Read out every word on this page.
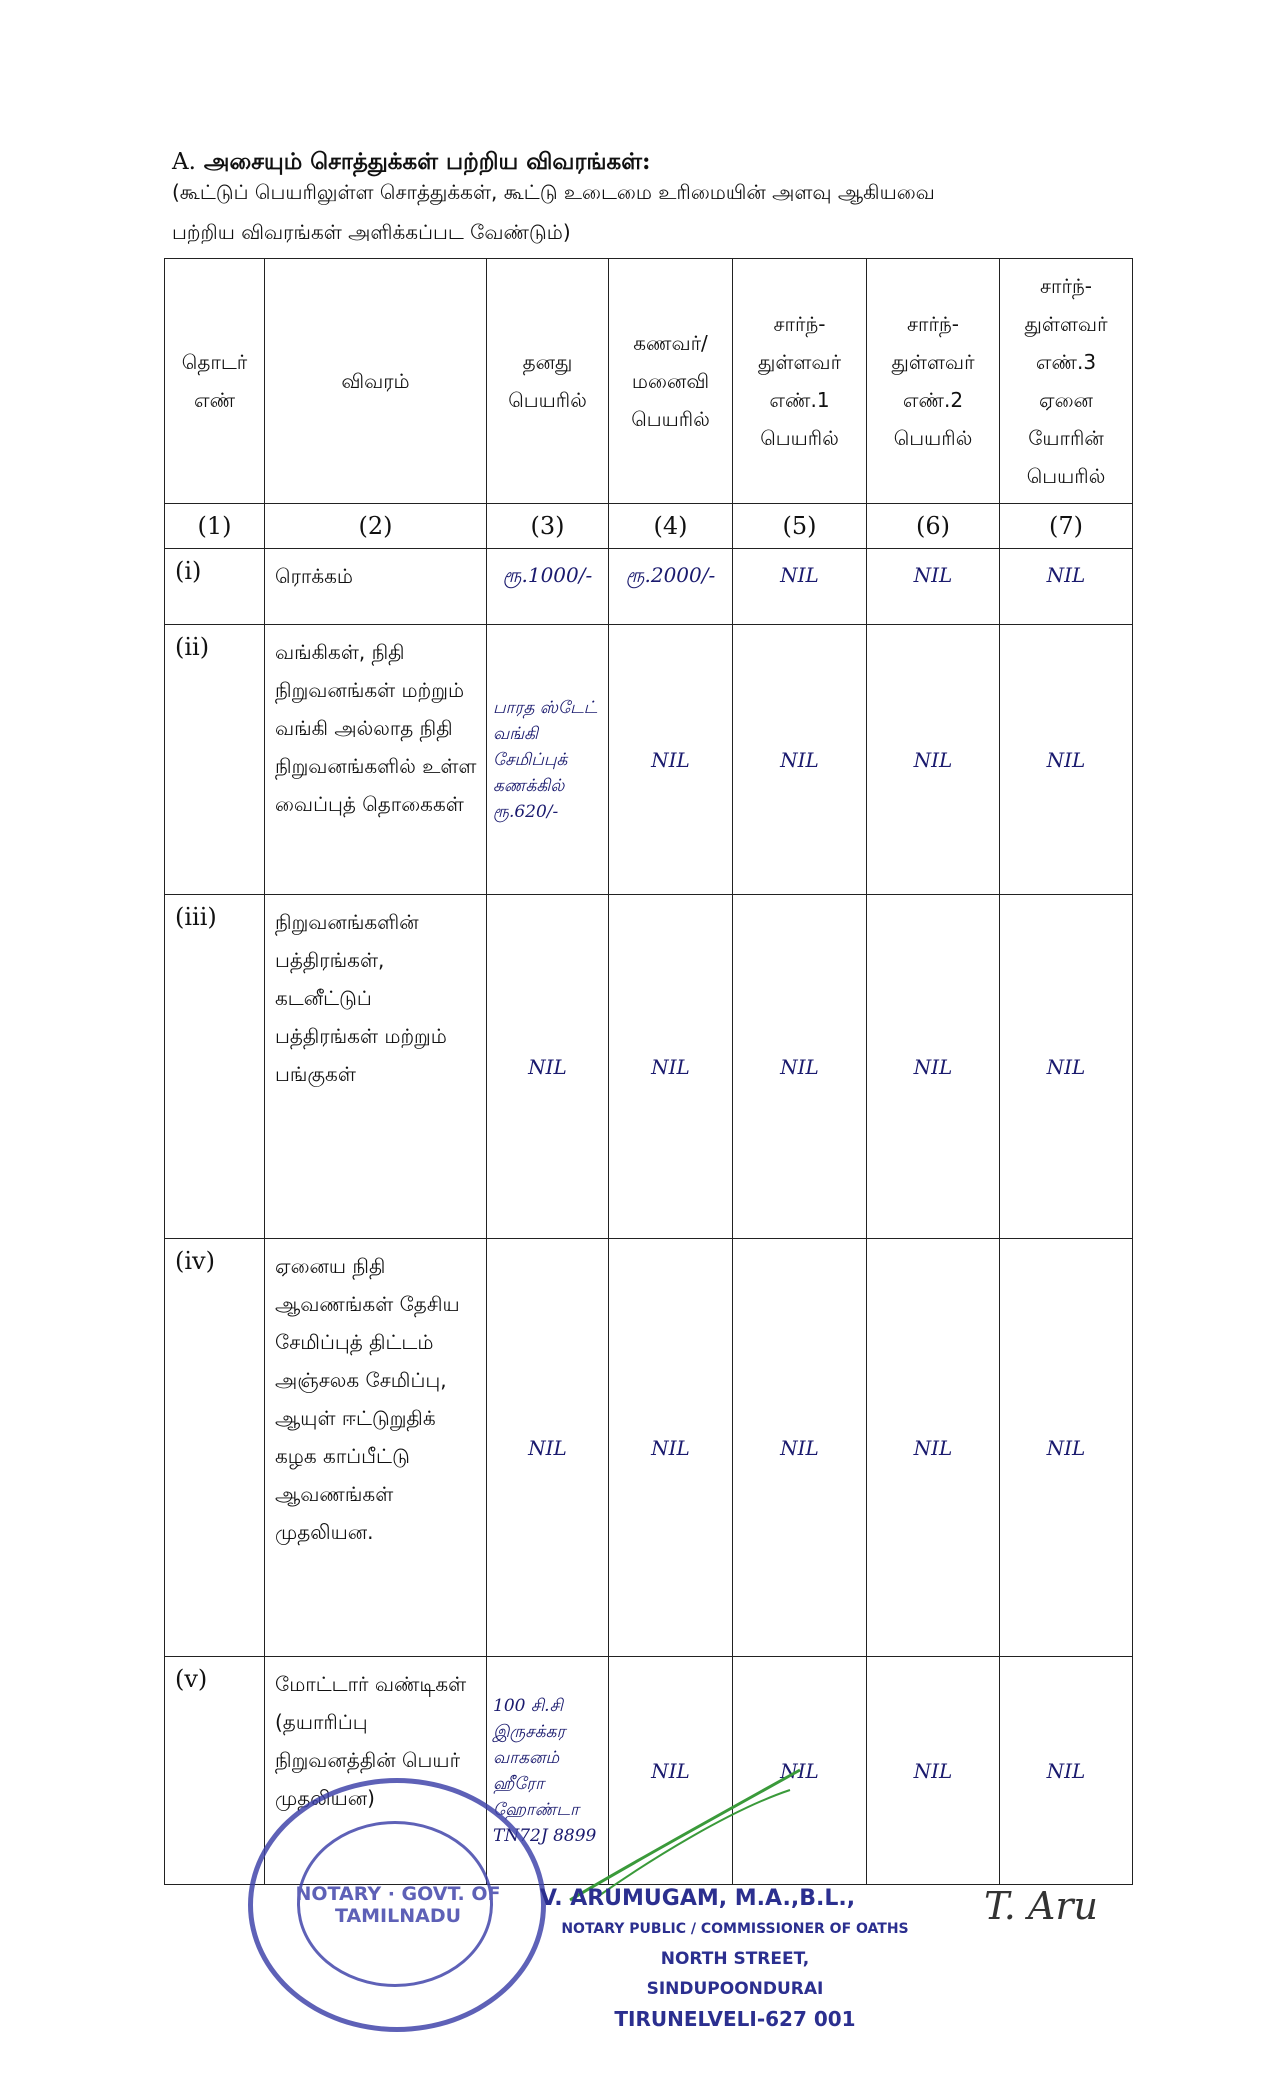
A. அசையும் சொத்துக்கள் பற்றிய விவரங்கள்:
(கூட்டுப் பெயரிலுள்ள சொத்துக்கள், கூட்டு உடைமை உரிமையின் அளவு ஆகியவை
பற்றிய விவரங்கள் அளிக்கப்பட வேண்டும்)
தொடர் எண்	விவரம்	தனது பெயரில்	கணவர்/ மனைவி பெயரில்	சார்ந்- துள்ளவர் எண்.1 பெயரில்	சார்ந்- துள்ளவர் எண்.2 பெயரில்	சார்ந்- துள்ளவர் எண்.3 ஏனை யோரின் பெயரில்
(1)	(2)	(3)	(4)	(5)	(6)	(7)
(i)	ரொக்கம்	ரூ.1000/-	ரூ.2000/-	NIL	NIL	NIL
(ii)	வங்கிகள், நிதி நிறுவனங்கள் மற்றும் வங்கி அல்லாத நிதி நிறுவனங்களில் உள்ள வைப்புத் தொகைகள்	பாரத ஸ்டேட் வங்கி சேமிப்புக் கணக்கில் ரூ.620/-	NIL	NIL	NIL	NIL
(iii)	நிறுவனங்களின் பத்திரங்கள், கடனீட்டுப் பத்திரங்கள் மற்றும் பங்குகள்	NIL	NIL	NIL	NIL	NIL
(iv)	ஏனைய நிதி ஆவணங்கள் தேசிய சேமிப்புத் திட்டம் அஞ்சலக சேமிப்பு, ஆயுள் ஈட்டுறுதிக் கழக காப்பீட்டு ஆவணங்கள் முதலியன.	NIL	NIL	NIL	NIL	NIL
(v)	மோட்டார் வண்டிகள் (தயாரிப்பு நிறுவனத்தின் பெயர் முதலியன)	100 சி.சி இருசக்கர வாகனம் ஹீரோ ஹோண்டா TN72J 8899	NIL	NIL	NIL	NIL
NOTARY · GOVT. OF TAMILNADU
V. ARUMUGAM, M.A.,B.L.,
NOTARY PUBLIC / COMMISSIONER OF OATHS
NORTH STREET,
SINDUPOONDURAI
TIRUNELVELI-627 001
T. Aru
